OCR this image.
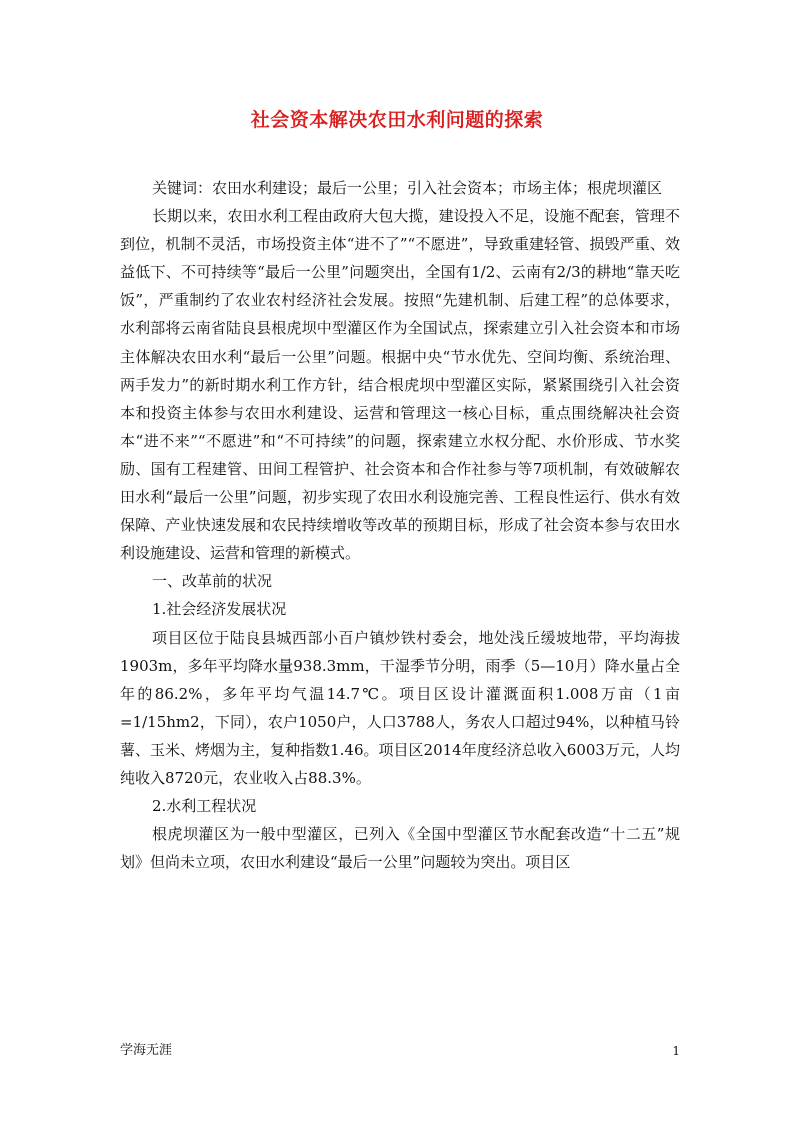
社会资本解决农田水利问题的探索

关键词：农田水利建设；最后一公里；引入社会资本；市场主体；根虎坝灌区

长期以来，农田水利工程由政府大包大揽，建设投入不足，设施不配套，管理不到位，机制不灵活，市场投资主体“进不了”“不愿进”，导致重建轻管、损毁严重、效益低下、不可持续等“最后一公里”问题突出，全国有1/2、云南有2/3的耕地“靠天吃饭”，严重制约了农业农村经济社会发展。按照“先建机制、后建工程”的总体要求，水利部将云南省陆良县根虎坝中型灌区作为全国试点，探索建立引入社会资本和市场主体解决农田水利“最后一公里”问题。根据中央“节水优先、空间均衡、系统治理、两手发力”的新时期水利工作方针，结合根虎坝中型灌区实际，紧紧围绕引入社会资本和投资主体参与农田水利建设、运营和管理这一核心目标，重点围绕解决社会资本“进不来”“不愿进”和“不可持续”的问题，探索建立水权分配、水价形成、节水奖励、国有工程建管、田间工程管护、社会资本和合作社参与等7项机制，有效破解农田水利“最后一公里”问题，初步实现了农田水利设施完善、工程良性运行、供水有效保障、产业快速发展和农民持续增收等改革的预期目标，形成了社会资本参与农田水利设施建设、运营和管理的新模式。

一、改革前的状况

1.社会经济发展状况

项目区位于陆良县城西部小百户镇炒铁村委会，地处浅丘缓坡地带，平均海拔1903m，多年平均降水量938.3mm，干湿季节分明，雨季（5—10月）降水量占全年的86.2%，多年平均气温14.7℃。项目区设计灌溉面积1.008万亩（1亩=1/15hm2，下同），农户1050户，人口3788人，务农人口超过94%，以种植马铃薯、玉米、烤烟为主，复种指数1.46。项目区2014年度经济总收入6003万元，人均纯收入8720元，农业收入占88.3%。

2.水利工程状况

根虎坝灌区为一般中型灌区，已列入《全国中型灌区节水配套改造“十二五”规划》但尚未立项，农田水利建设“最后一公里”问题较为突出。项目区

学海无涯	1
